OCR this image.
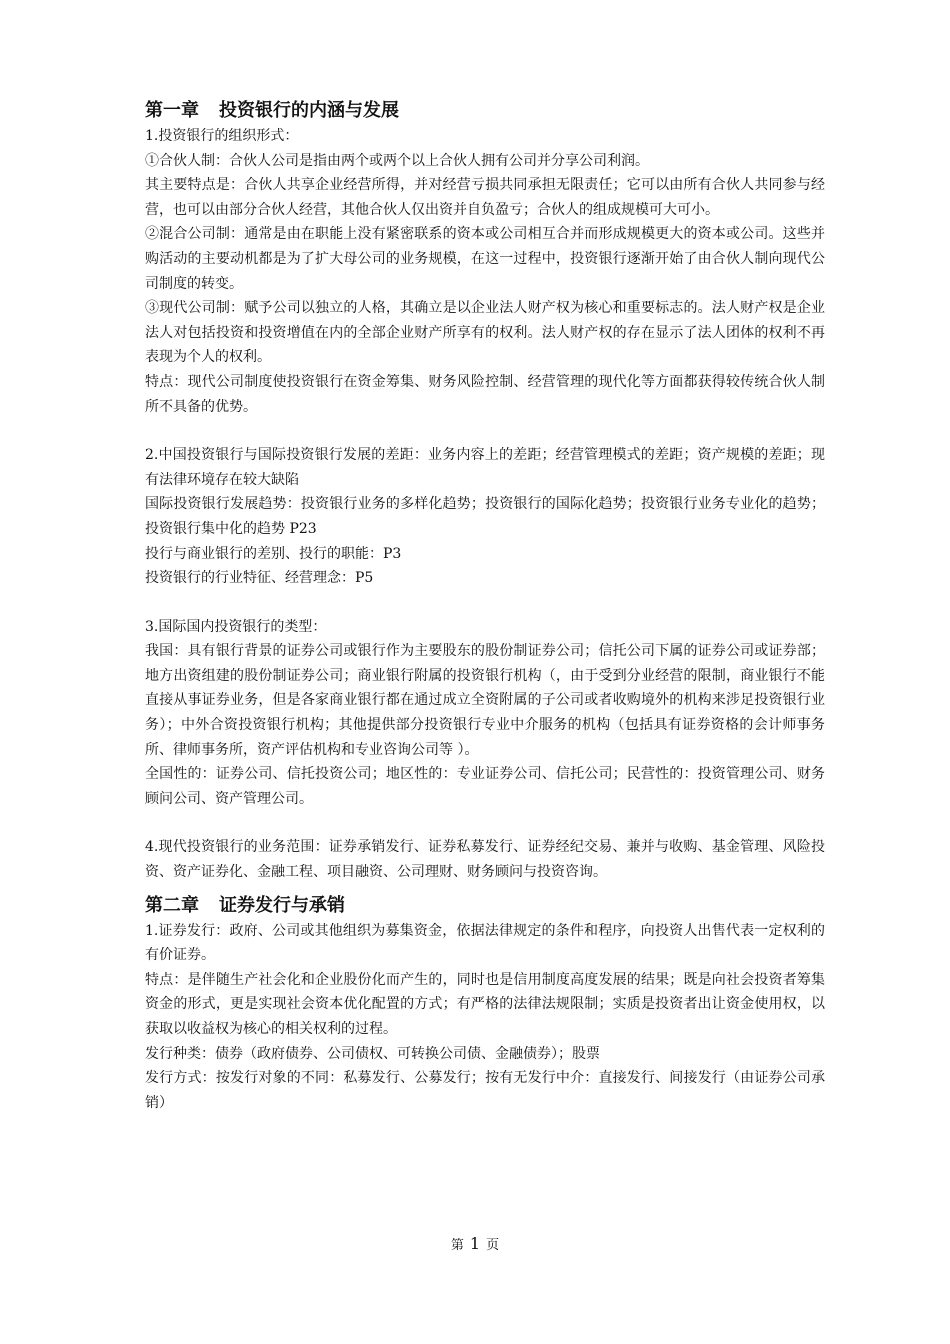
第一章 投资银行的内涵与发展

1.投资银行的组织形式：

①合伙人制：合伙人公司是指由两个或两个以上合伙人拥有公司并分享公司利润。

其主要特点是：合伙人共享企业经营所得，并对经营亏损共同承担无限责任；它可以由所有合伙人共同参与经营，也可以由部分合伙人经营，其他合伙人仅出资并自负盈亏；合伙人的组成规模可大可小。

②混合公司制：通常是由在职能上没有紧密联系的资本或公司相互合并而形成规模更大的资本或公司。这些并购活动的主要动机都是为了扩大母公司的业务规模，在这一过程中，投资银行逐渐开始了由合伙人制向现代公司制度的转变。

③现代公司制：赋予公司以独立的人格，其确立是以企业法人财产权为核心和重要标志的。法人财产权是企业法人对包括投资和投资增值在内的全部企业财产所享有的权利。法人财产权的存在显示了法人团体的权利不再表现为个人的权利。

特点：现代公司制度使投资银行在资金筹集、财务风险控制、经营管理的现代化等方面都获得较传统合伙人制所不具备的优势。

2.中国投资银行与国际投资银行发展的差距：业务内容上的差距；经营管理模式的差距；资产规模的差距；现有法律环境存在较大缺陷

国际投资银行发展趋势：投资银行业务的多样化趋势；投资银行的国际化趋势；投资银行业务专业化的趋势；投资银行集中化的趋势 P23

投行与商业银行的差别、投行的职能：P3

投资银行的行业特征、经营理念：P5

3.国际国内投资银行的类型：

我国：具有银行背景的证券公司或银行作为主要股东的股份制证券公司；信托公司下属的证券公司或证券部；地方出资组建的股份制证券公司；商业银行附属的投资银行机构（，由于受到分业经营的限制，商业银行不能直接从事证券业务，但是各家商业银行都在通过成立全资附属的子公司或者收购境外的机构来涉足投资银行业务）；中外合资投资银行机构；其他提供部分投资银行专业中介服务的机构（包括具有证券资格的会计师事务所、律师事务所，资产评估机构和专业咨询公司等 ）。

全国性的：证券公司、信托投资公司；地区性的：专业证券公司、信托公司；民营性的：投资管理公司、财务顾问公司、资产管理公司。

4.现代投资银行的业务范围：证券承销发行、证券私募发行、证券经纪交易、兼并与收购、基金管理、风险投资、资产证券化、金融工程、项目融资、公司理财、财务顾问与投资咨询。

第二章 证券发行与承销

1.证券发行：政府、公司或其他组织为募集资金，依据法律规定的条件和程序，向投资人出售代表一定权利的有价证券。

特点：是伴随生产社会化和企业股份化而产生的，同时也是信用制度高度发展的结果；既是向社会投资者筹集资金的形式，更是实现社会资本优化配置的方式；有严格的法律法规限制；实质是投资者出让资金使用权，以获取以收益权为核心的相关权利的过程。

发行种类：债券（政府债券、公司债权、可转换公司债、金融债券）；股票

发行方式：按发行对象的不同：私募发行、公募发行；按有无发行中介：直接发行、间接发行（由证券公司承销）

第 1 页
